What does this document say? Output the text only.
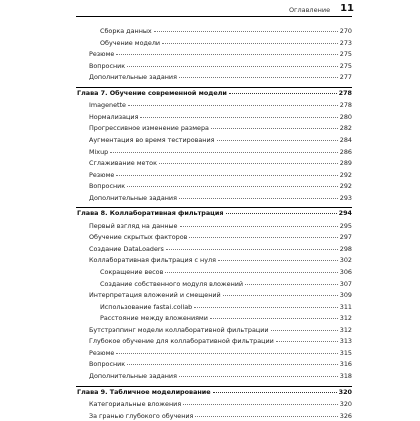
Оглавление 11
Сборка данных	270
Обучение модели	273
Резюме	275
Вопросник	275
Дополнительные задания	277
Глава 7. Обучение современной модели	278
Imagenette	278
Нормализация	280
Прогрессивное изменение размера	282
Аугментация во время тестирования	284
Mixup	286
Сглаживание меток	289
Резюме	292
Вопросник	292
Дополнительные задания	293
Глава 8. Коллаборативная фильтрация	294
Первый взгляд на данные	295
Обучение скрытых факторов	297
Создание DataLoaders	298
Коллаборативная фильтрация с нуля	302
Сокращение весов	306
Создание собственного модуля вложений	307
Интерпретация вложений и смещений	309
Использование fastai.collab	311
Расстояние между вложениями	312
Бутстрэппинг модели коллаборативной фильтрации	312
Глубокое обучение для коллаборативной фильтрации	313
Резюме	315
Вопросник	316
Дополнительные задания	318
Глава 9. Табличное моделирование	320
Категориальные вложения	320
За гранью глубокого обучения	326
